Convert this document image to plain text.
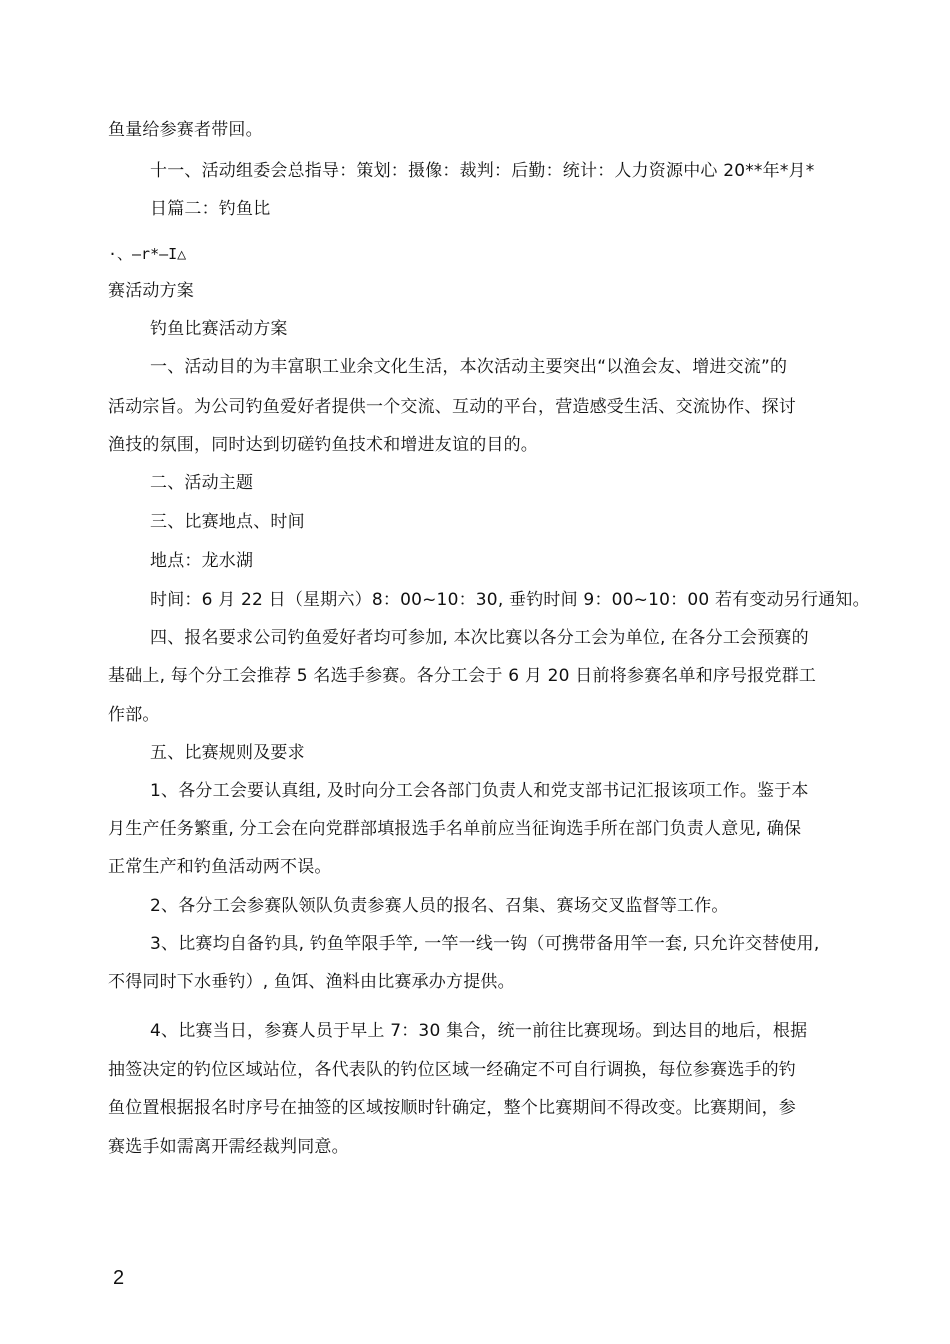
鱼量给参赛者带回。
十一、活动组委会总指导：策划：摄像：裁判：后勤：统计：人力资源中心 20**年*月*
日篇二：钓鱼比
·、—r*—I△
赛活动方案
钓鱼比赛活动方案
一、活动目的为丰富职工业余文化生活，本次活动主要突出“以渔会友、增进交流”的
活动宗旨。为公司钓鱼爱好者提供一个交流、互动的平台，营造感受生活、交流协作、探讨
渔技的氛围，同时达到切磋钓鱼技术和增进友谊的目的。
二、活动主题
三、比赛地点、时间
地点：龙水湖
时间：6 月 22 日（星期六）8：00~10：30, 垂钓时间 9：00~10：00 若有变动另行通知。
四、报名要求公司钓鱼爱好者均可参加, 本次比赛以各分工会为单位, 在各分工会预赛的
基础上, 每个分工会推荐 5 名选手参赛。各分工会于 6 月 20 日前将参赛名单和序号报党群工
作部。
五、比赛规则及要求
1、各分工会要认真组, 及时向分工会各部门负责人和党支部书记汇报该项工作。鉴于本
月生产任务繁重, 分工会在向党群部填报选手名单前应当征询选手所在部门负责人意见, 确保
正常生产和钓鱼活动两不误。
2、各分工会参赛队领队负责参赛人员的报名、召集、赛场交叉监督等工作。
3、比赛均自备钓具, 钓鱼竿限手竿, 一竿一线一钩（可携带备用竿一套, 只允许交替使用,
不得同时下水垂钓）, 鱼饵、渔料由比赛承办方提供。
4、比赛当日，参赛人员于早上 7：30 集合，统一前往比赛现场。到达目的地后，根据
抽签决定的钓位区域站位，各代表队的钓位区域一经确定不可自行调换，每位参赛选手的钓
鱼位置根据报名时序号在抽签的区域按顺时针确定，整个比赛期间不得改变。比赛期间，参
赛选手如需离开需经裁判同意。
2
